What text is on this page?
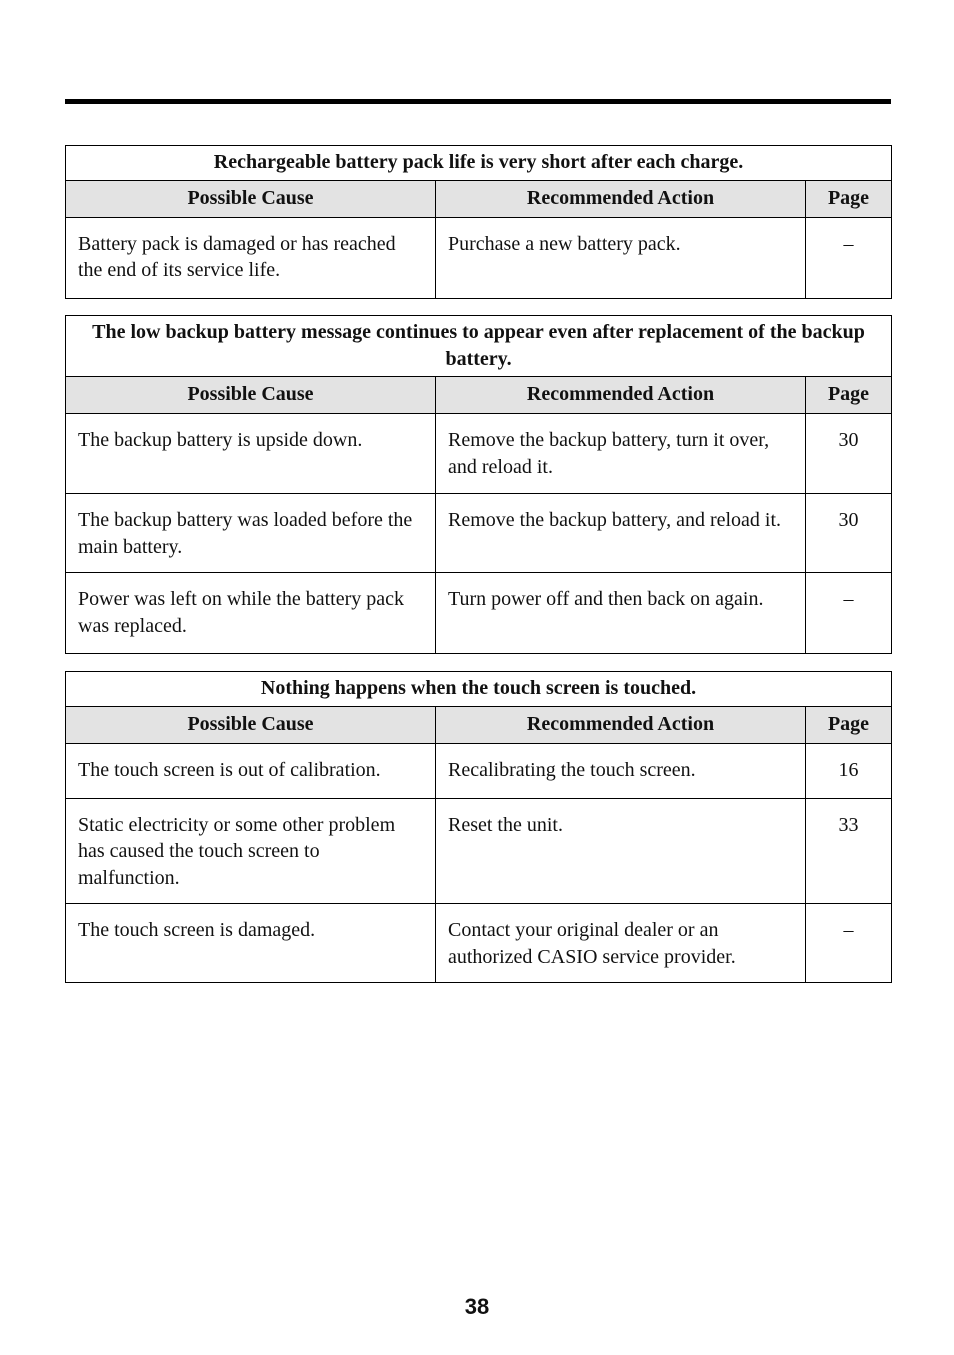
Rechargeable battery pack life is very short after each charge.		
Possible Cause	Recommended Action	Page
Battery pack is damaged or has reached the end of its service life.	Purchase a new battery pack.	–
The low backup battery message continues to appear even after replacement of the backup battery.		
Possible Cause	Recommended Action	Page
The backup battery is upside down.	Remove the backup battery, turn it over, and reload it.	30
The backup battery was loaded before the main battery.	Remove the backup battery, and reload it.	30
Power was left on while the battery pack was replaced.	Turn power off and then back on again.	–
Nothing happens when the touch screen is touched.		
Possible Cause	Recommended Action	Page
The touch screen is out of calibration.	Recalibrating the touch screen.	16
Static electricity or some other problem has caused the touch screen to malfunction.	Reset the unit.	33
The touch screen is damaged.	Contact your original dealer or an authorized CASIO service provider.	–
38
